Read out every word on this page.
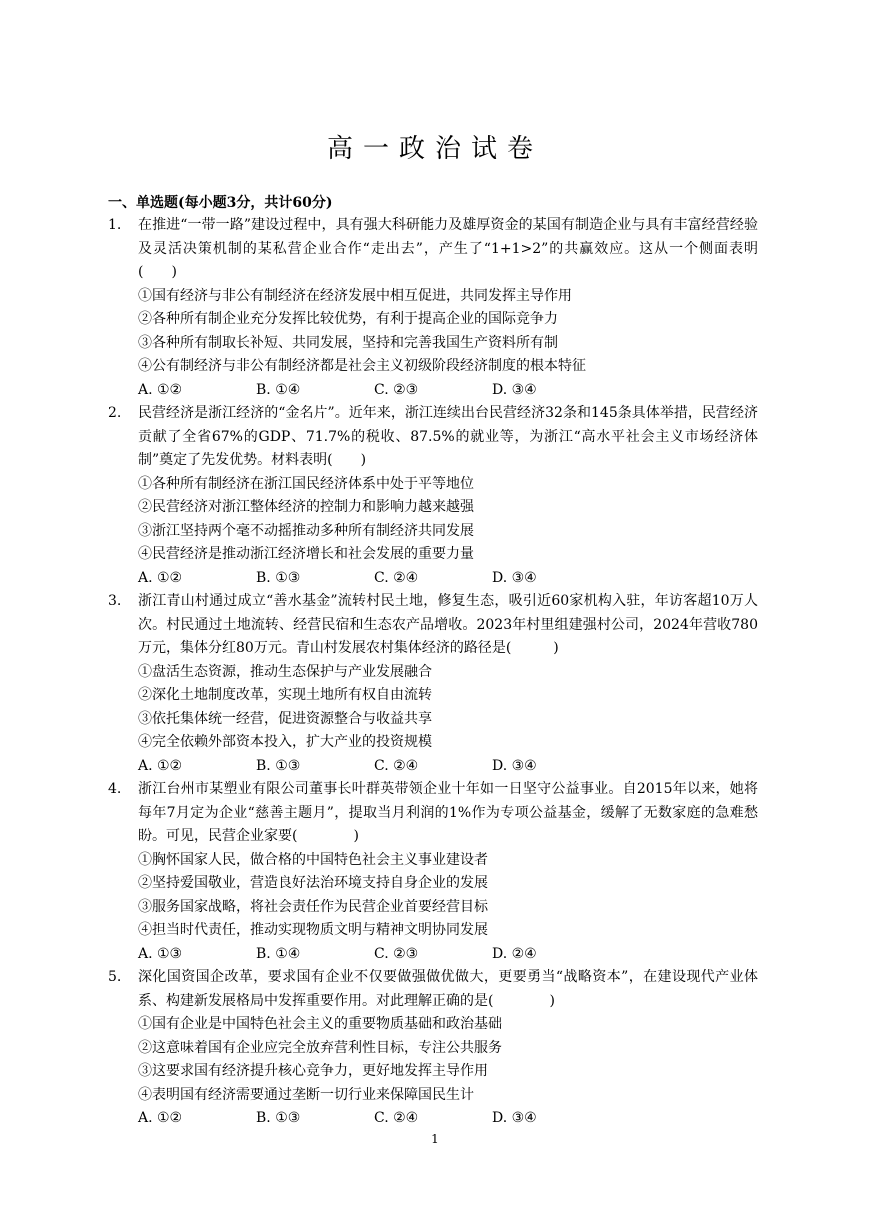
高一政治试卷
一、单选题(每小题3分，共计60分)
1.	在推进“一带一路”建设过程中，具有强大科研能力及雄厚资金的某国有制造企业与具有丰富经营经验及灵活决策机制的某私营企业合作“走出去”，产生了“1+1>2”的共赢效应。这从一个侧面表明(　　)
①国有经济与非公有制经济在经济发展中相互促进，共同发挥主导作用
②各种所有制企业充分发挥比较优势，有利于提高企业的国际竞争力
③各种所有制取长补短、共同发展，坚持和完善我国生产资料所有制
④公有制经济与非公有制经济都是社会主义初级阶段经济制度的根本特征
A. ①②	B. ①④	C. ②③	D. ③④
2.	民营经济是浙江经济的“金名片”。近年来，浙江连续出台民营经济32条和145条具体举措，民营经济贡献了全省67%的GDP、71.7%的税收、87.5%的就业等，为浙江“高水平社会主义市场经济体制”奠定了先发优势。材料表明(　　)
①各种所有制经济在浙江国民经济体系中处于平等地位
②民营经济对浙江整体经济的控制力和影响力越来越强
③浙江坚持两个毫不动摇推动多种所有制经济共同发展
④民营经济是推动浙江经济增长和社会发展的重要力量
A. ①②	B. ①③	C. ②④	D. ③④
3.	浙江青山村通过成立“善水基金”流转村民土地，修复生态，吸引近60家机构入驻，年访客超10万人次。村民通过土地流转、经营民宿和生态农产品增收。2023年村里组建强村公司，2024年营收780万元，集体分红80万元。青山村发展农村集体经济的路径是(　　　)
①盘活生态资源，推动生态保护与产业发展融合
②深化土地制度改革，实现土地所有权自由流转
③依托集体统一经营，促进资源整合与收益共享
④完全依赖外部资本投入，扩大产业的投资规模
A. ①②	B. ①③	C. ②④	D. ③④
4.	浙江台州市某塑业有限公司董事长叶群英带领企业十年如一日坚守公益事业。自2015年以来，她将每年7月定为企业“慈善主题月”，提取当月利润的1%作为专项公益基金，缓解了无数家庭的急难愁盼。可见，民营企业家要(　　　　)
①胸怀国家人民，做合格的中国特色社会主义事业建设者
②坚持爱国敬业，营造良好法治环境支持自身企业的发展
③服务国家战略，将社会责任作为民营企业首要经营目标
④担当时代责任，推动实现物质文明与精神文明协同发展
A. ①③	B. ①④	C. ②③	D. ②④
5.	深化国资国企改革，要求国有企业不仅要做强做优做大，更要勇当“战略资本”，在建设现代产业体系、构建新发展格局中发挥重要作用。对此理解正确的是(　　　　)
①国有企业是中国特色社会主义的重要物质基础和政治基础
②这意味着国有企业应完全放弃营利性目标，专注公共服务
③这要求国有经济提升核心竞争力，更好地发挥主导作用
④表明国有经济需要通过垄断一切行业来保障国民生计
A. ①②	B. ①③	C. ②④	D. ③④
1
